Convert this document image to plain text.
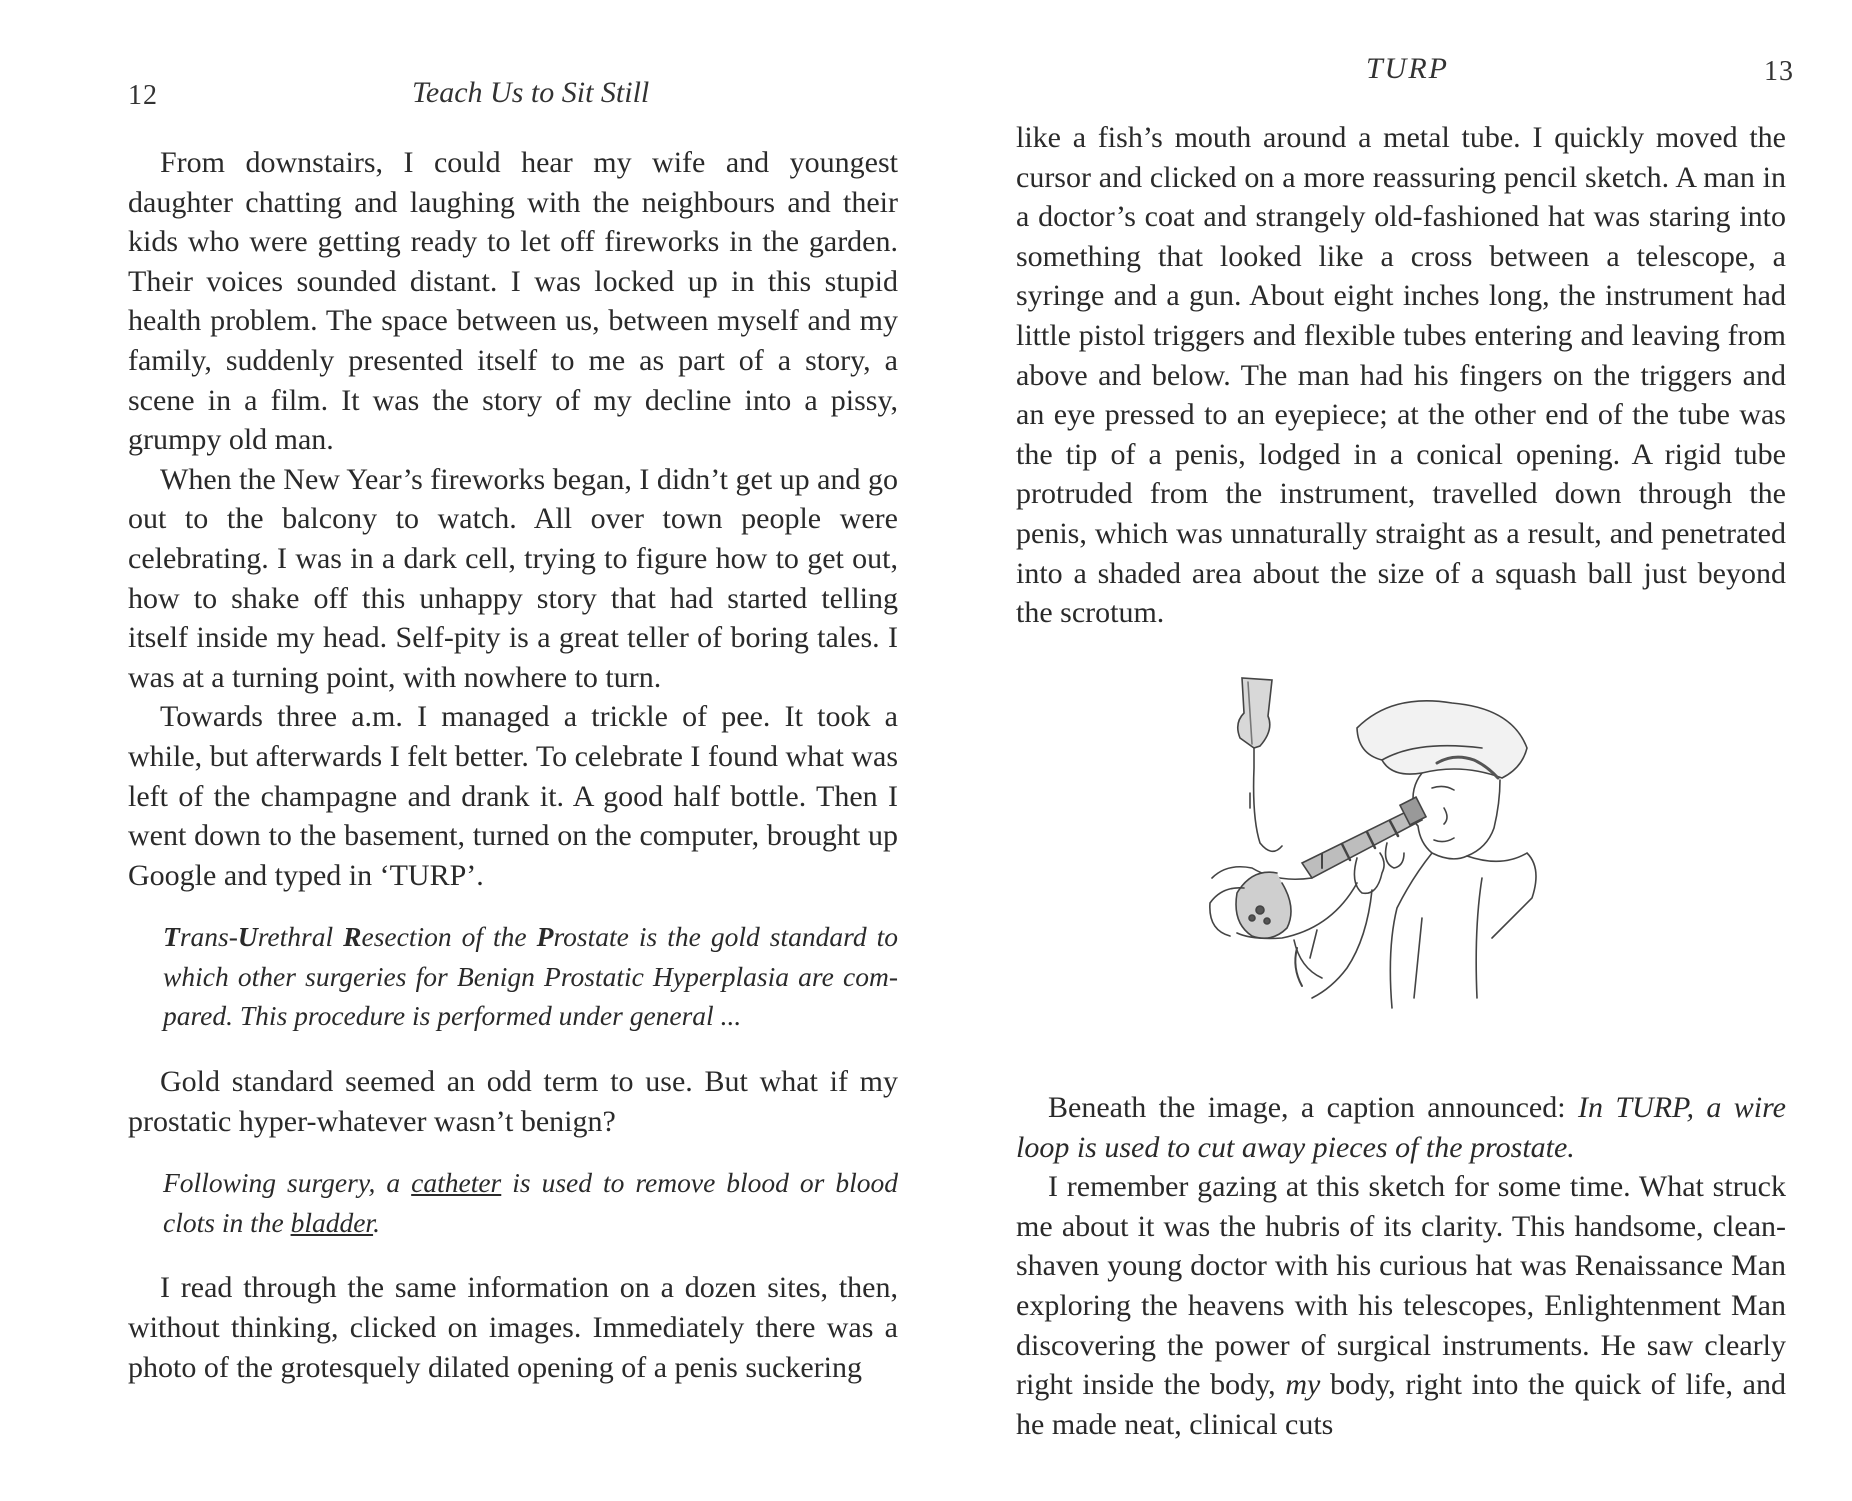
12	Teach Us to Sit Still

From downstairs, I could hear my wife and youngest daughter chatting and laughing with the neighbours and their kids who were getting ready to let off fireworks in the garden. Their voices sounded distant. I was locked up in this stupid health problem. The space between us, between myself and my family, suddenly presented itself to me as part of a story, a scene in a film. It was the story of my decline into a pissy, grumpy old man.

When the New Year’s fireworks began, I didn’t get up and go out to the balcony to watch. All over town people were celebrating. I was in a dark cell, trying to figure how to get out, how to shake off this unhappy story that had started telling itself inside my head. Self-pity is a great teller of boring tales. I was at a turning point, with nowhere to turn.

Towards three a.m. I managed a trickle of pee. It took a while, but afterwards I felt better. To celebrate I found what was left of the champagne and drank it. A good half bottle. Then I went down to the basement, turned on the computer, brought up Google and typed in ‘TURP’.

Trans-Urethral Resection of the Prostate is the gold standard to which other surgeries for Benign Prostatic Hyperplasia are compared. This procedure is performed under general ...

Gold standard seemed an odd term to use. But what if my prostatic hyper-whatever wasn’t benign?

Following surgery, a catheter is used to remove blood or blood clots in the bladder.

I read through the same information on a dozen sites, then, without thinking, clicked on images. Immediately there was a photo of the grotesquely dilated opening of a penis suckering

TURP	13

like a fish’s mouth around a metal tube. I quickly moved the cursor and clicked on a more reassuring pencil sketch. A man in a doctor’s coat and strangely old-fashioned hat was staring into something that looked like a cross between a telescope, a syringe and a gun. About eight inches long, the instrument had little pistol triggers and flexible tubes entering and leaving from above and below. The man had his fingers on the triggers and an eye pressed to an eyepiece; at the other end of the tube was the tip of a penis, lodged in a conical opening. A rigid tube protruded from the instrument, travelled down through the penis, which was unnaturally straight as a result, and penetrated into a shaded area about the size of a squash ball just beyond the scrotum.

Beneath the image, a caption announced: In TURP, a wire loop is used to cut away pieces of the prostate.

I remember gazing at this sketch for some time. What struck me about it was the hubris of its clarity. This handsome, clean-shaven young doctor with his curious hat was Renaissance Man exploring the heavens with his telescopes, Enlightenment Man discovering the power of surgical instruments. He saw clearly right inside the body, my body, right into the quick of life, and he made neat, clinical cuts
